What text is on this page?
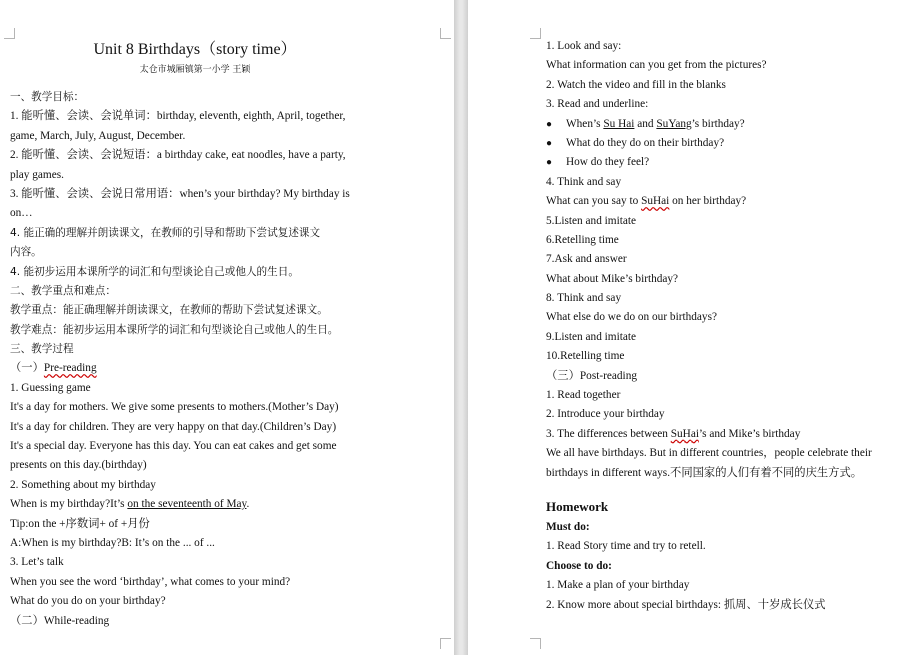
Unit 8 Birthdays（story time）
太仓市城厢镇第一小学 王颖
一、教学目标：
1. 能听懂、会读、会说单词：birthday, eleventh, eighth, April, together,
game, March, July, August, December.
2. 能听懂、会读、会说短语：a birthday cake, eat noodles, have a party,
play games.
3. 能听懂、会读、会说日常用语：when’s your birthday? My birthday is
on…
4. 能正确的理解并朗读课文，在教师的引导和帮助下尝试复述课文
内容。
4. 能初步运用本课所学的词汇和句型谈论自己或他人的生日。
二、教学重点和难点：
教学重点：能正确理解并朗读课文，在教师的帮助下尝试复述课文。
教学难点：能初步运用本课所学的词汇和句型谈论自己或他人的生日。
三、教学过程
（一）Pre-reading
1. Guessing game
It's a day for mothers. We give some presents to mothers.(Mother’s Day)
It's a day for children. They are very happy on that day.(Children’s Day)
It's a special day. Everyone has this day. You can eat cakes and get some
presents on this day.(birthday)
2. Something about my birthday
When is my birthday?It’s on the seventeenth of May.
Tip:on the +序数词+ of +月份
A:When is my birthday?B: It’s on the ... of ...
3. Let’s talk
When you see the word ‘birthday’, what comes to your mind?
What do you do on your birthday?
（二）While-reading
1. Look and say:
What information can you get from the pictures?
2. Watch the video and fill in the blanks
3. Read and underline:
● When’s Su Hai and SuYang’s birthday?
● What do they do on their birthday?
● How do they feel?
4. Think and say
What can you say to SuHai on her birthday?
5.Listen and imitate
6.Retelling time
7.Ask and answer
What about Mike’s birthday?
8. Think and say
What else do we do on our birthdays?
9.Listen and imitate
10.Retelling time
（三）Post-reading
1. Read together
2. Introduce your birthday
3. The differences between SuHai’s and Mike’s birthday
We all have birthdays. But in different countries，people celebrate their
birthdays in different ways.不同国家的人们有着不同的庆生方式。
Homework
Must do:
1. Read Story time and try to retell.
Choose to do:
1. Make a plan of your birthday
2. Know more about special birthdays: 抓周、十岁成长仪式
